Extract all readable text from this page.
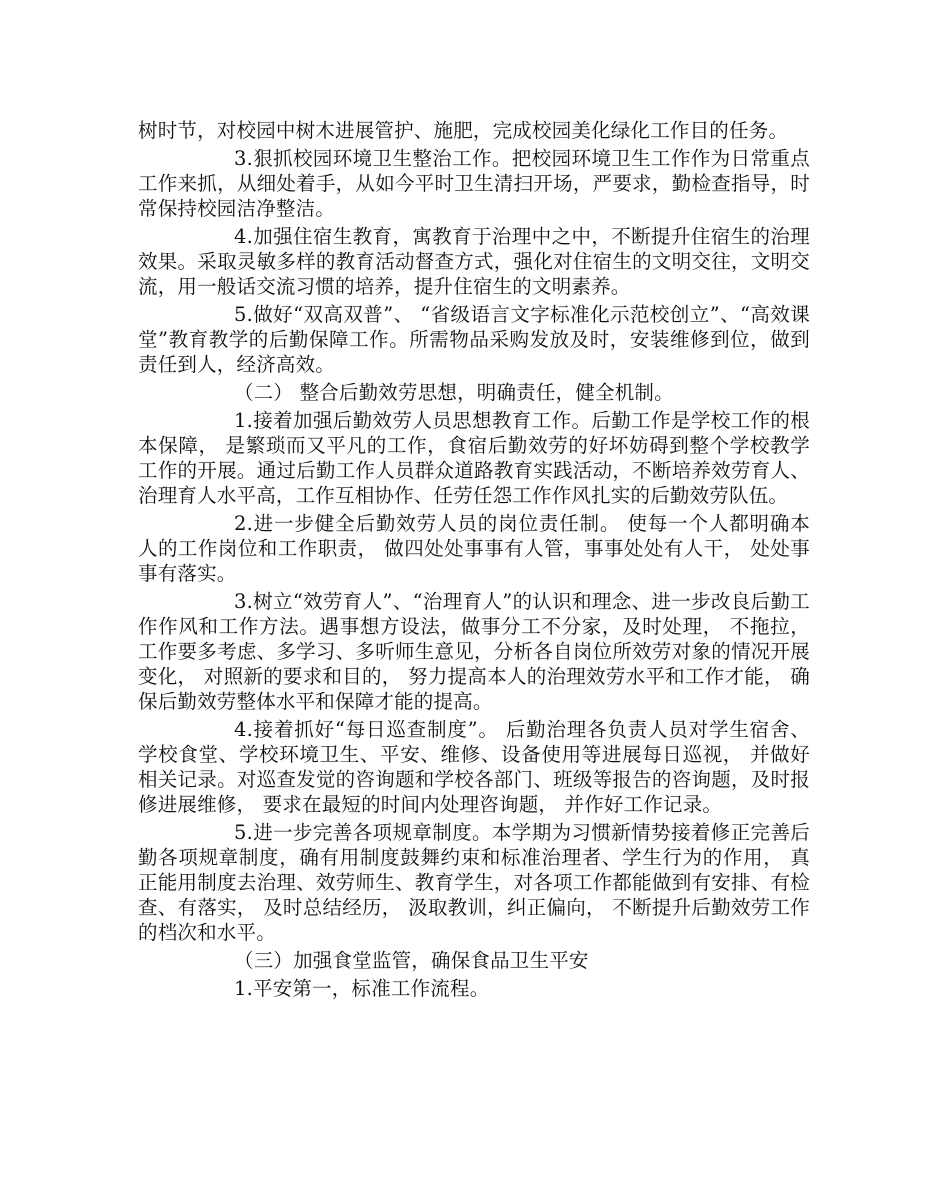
树时节，对校园中树木进展管护、施肥，完成校园美化绿化工作目的任务。

3.狠抓校园环境卫生整治工作。把校园环境卫生工作作为日常重点工作来抓，从细处着手，从如今平时卫生清扫开场，严要求，勤检查指导，时常保持校园洁净整洁。

4.加强住宿生教育，寓教育于治理中之中，不断提升住宿生的治理效果。采取灵敏多样的教育活动督查方式，强化对住宿生的文明交往，文明交流，用一般话交流习惯的培养，提升住宿生的文明素养。

5.做好“双高双普”、 “省级语言文字标准化示范校创立”、“高效课堂”教育教学的后勤保障工作。所需物品采购发放及时，安装维修到位，做到责任到人，经济高效。

（二） 整合后勤效劳思想，明确责任，健全机制。

1.接着加强后勤效劳人员思想教育工作。后勤工作是学校工作的根本保障， 是繁琐而又平凡的工作，食宿后勤效劳的好坏妨碍到整个学校教学工作的开展。通过后勤工作人员群众道路教育实践活动，不断培养效劳育人、治理育人水平高，工作互相协作、任劳任怨工作作风扎实的后勤效劳队伍。

2.进一步健全后勤效劳人员的岗位责任制。 使每一个人都明确本人的工作岗位和工作职责， 做四处处事事有人管，事事处处有人干， 处处事事有落实。

3.树立“效劳育人”、“治理育人”的认识和理念、进一步改良后勤工作作风和工作方法。遇事想方设法，做事分工不分家，及时处理， 不拖拉，工作要多考虑、多学习、多听师生意见，分析各自岗位所效劳对象的情况开展变化， 对照新的要求和目的， 努力提高本人的治理效劳水平和工作才能， 确保后勤效劳整体水平和保障才能的提高。

4.接着抓好“每日巡查制度”。 后勤治理各负责人员对学生宿舍、学校食堂、学校环境卫生、平安、维修、设备使用等进展每日巡视， 并做好相关记录。对巡查发觉的咨询题和学校各部门、班级等报告的咨询题，及时报修进展维修， 要求在最短的时间内处理咨询题， 并作好工作记录。

5.进一步完善各项规章制度。本学期为习惯新情势接着修正完善后勤各项规章制度，确有用制度鼓舞约束和标准治理者、学生行为的作用， 真正能用制度去治理、效劳师生、教育学生，对各项工作都能做到有安排、有检查、有落实， 及时总结经历， 汲取教训，纠正偏向， 不断提升后勤效劳工作的档次和水平。

（三）加强食堂监管，确保食品卫生平安

1.平安第一，标准工作流程。
